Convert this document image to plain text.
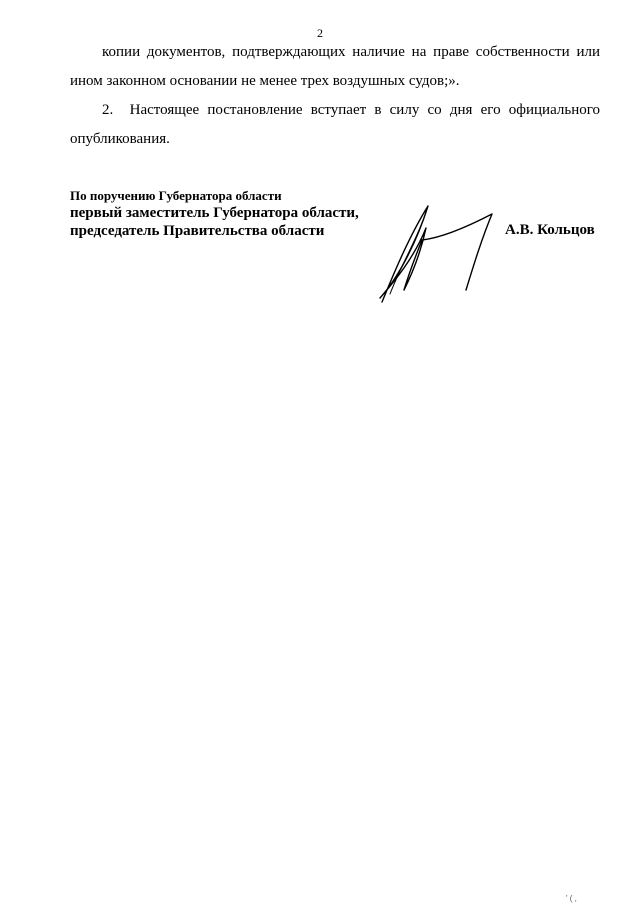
2

копии документов, подтверждающих наличие на праве собственности или ином законном основании не менее трех воздушных судов;».

2. Настоящее постановление вступает в силу со дня его официального опубликования.

По поручению Губернатора области
первый заместитель Губернатора области,
председатель Правительства области	А.В. Кольцов
' ( ,
